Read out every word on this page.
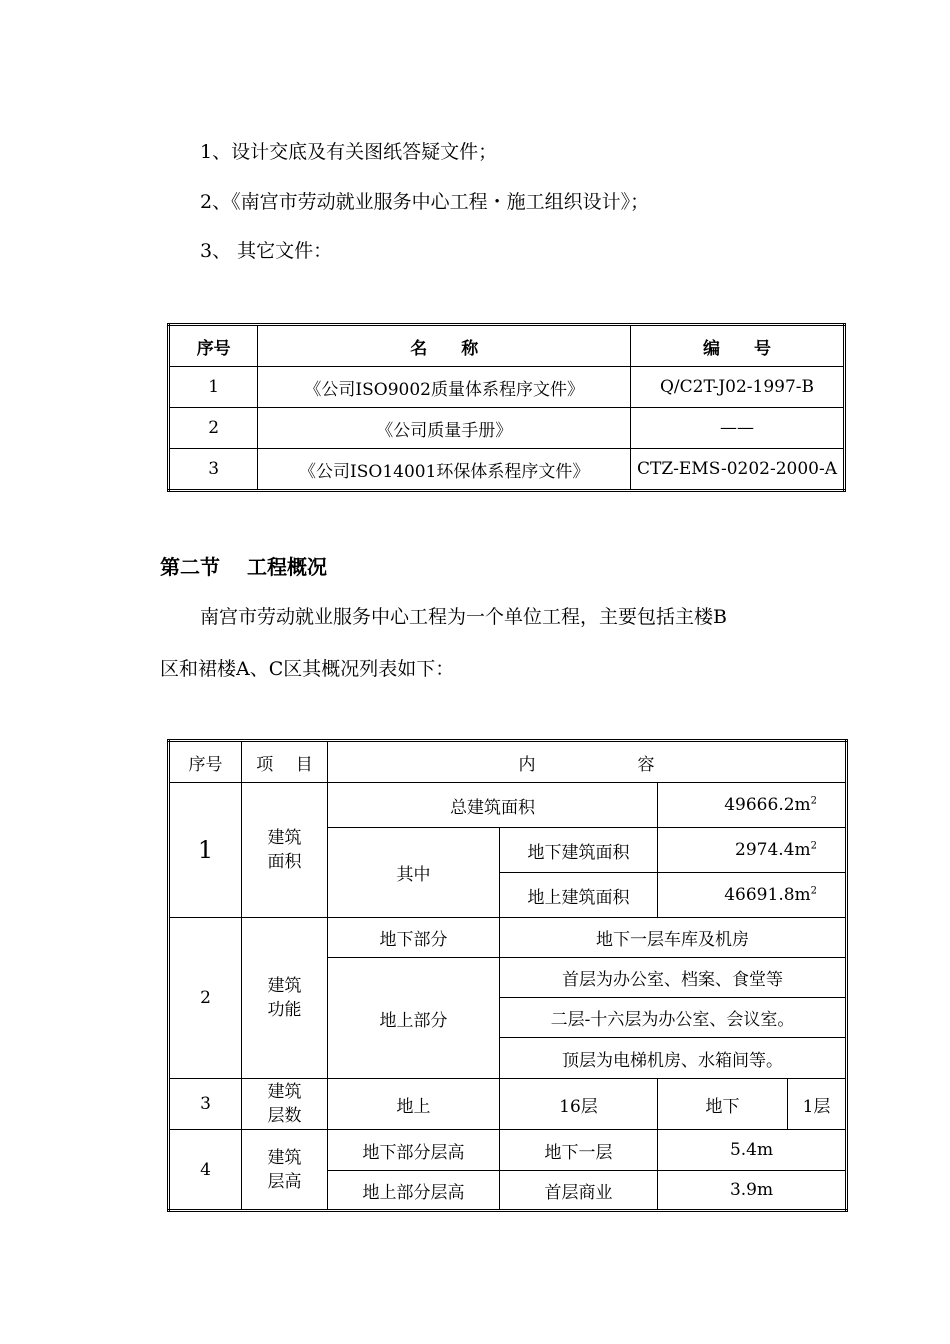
1、设计交底及有关图纸答疑文件；
2、《南宫市劳动就业服务中心工程・施工组织设计》；
3、 其它文件：
序号	名　　称	编　　号
1	《公司ISO9002质量体系程序文件》	Q/C2T-J02-1997-B
2	《公司质量手册》	——
3	《公司ISO14001环保体系程序文件》	CTZ-EMS-0202-2000-A
第二节　 工程概况
南宫市劳动就业服务中心工程为一个单位工程，主要包括主楼B
区和裙楼A、C区其概况列表如下：
序号	项　 目	内　　　　　　容			
1	建筑面积	总建筑面积		$49666.2m^2$
		其中	地下建筑面积	$2974.4m^2$
			地上建筑面积	$46691.8m^2$
2	建筑功能	地下部分	地下一层车库及机房		
		地上部分	首层为办公室、档案、食堂等		
			二层-十六层为办公室、会议室。		
			顶层为电梯机房、水箱间等。		
3	建筑层数	地上	16层	地下	1层
4	建筑层高	地下部分层高	地下一层	5.4m	
		地上部分层高	首层商业	3.9m	
